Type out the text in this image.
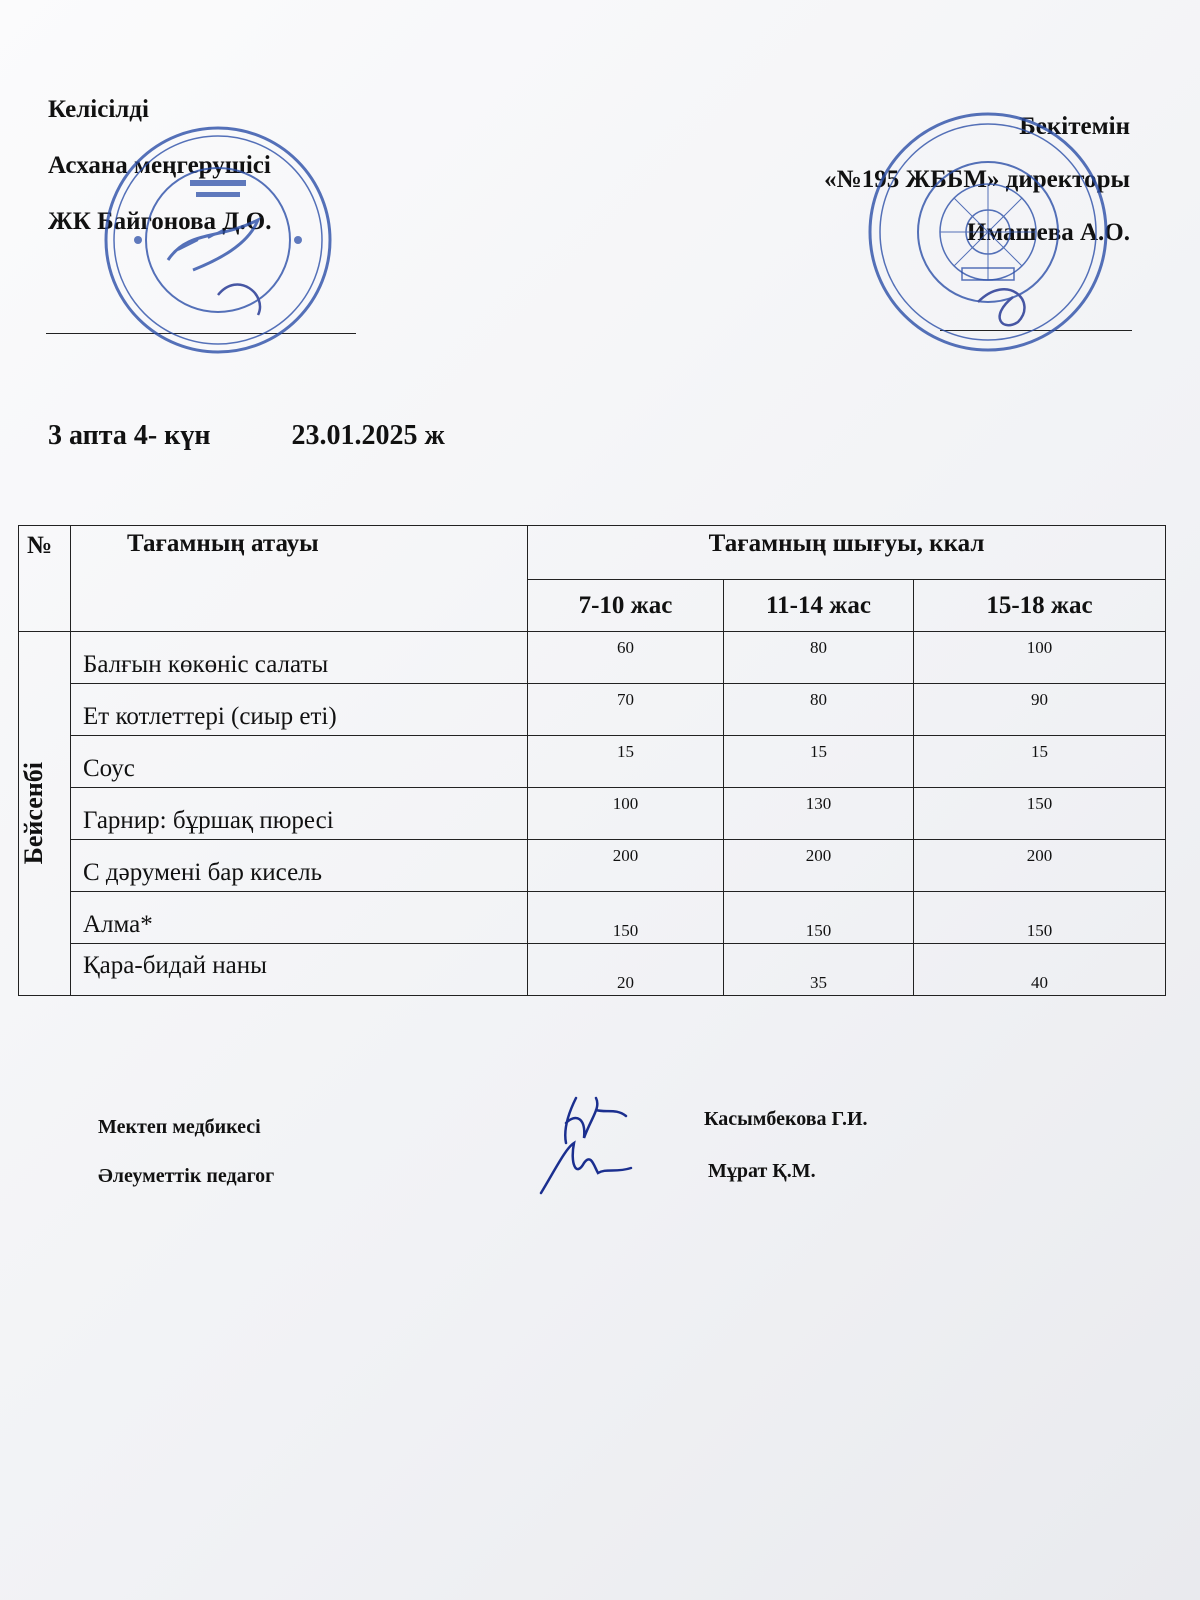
Келісілді
Асхана меңгерушісі
ЖК Байгонова Д.О.
Бекітемін
«№195 ЖББМ» директоры
Имашева А.О.
3 апта 4- күн	23.01.2025 ж
№	Тағамның атауы	Тағамның шығуы, ккал		
		7-10 жас	11-14 жас	15-18 жас

Бейсенбі	Балғын көкөніс салаты	60	80	100
	Ет котлеттері (сиыр еті)	70	80	90
	Соус	15	15	15
	Гарнир: бұршақ пюресі	100	130	150
	С дәрумені бар кисель	200	200	200
	Алма*	150	150	150
	Қара-бидай наны	20	35	40
Мектеп медбикесі	Касымбекова Г.И.
Әлеуметтік педагог	Мұрат Қ.М.
